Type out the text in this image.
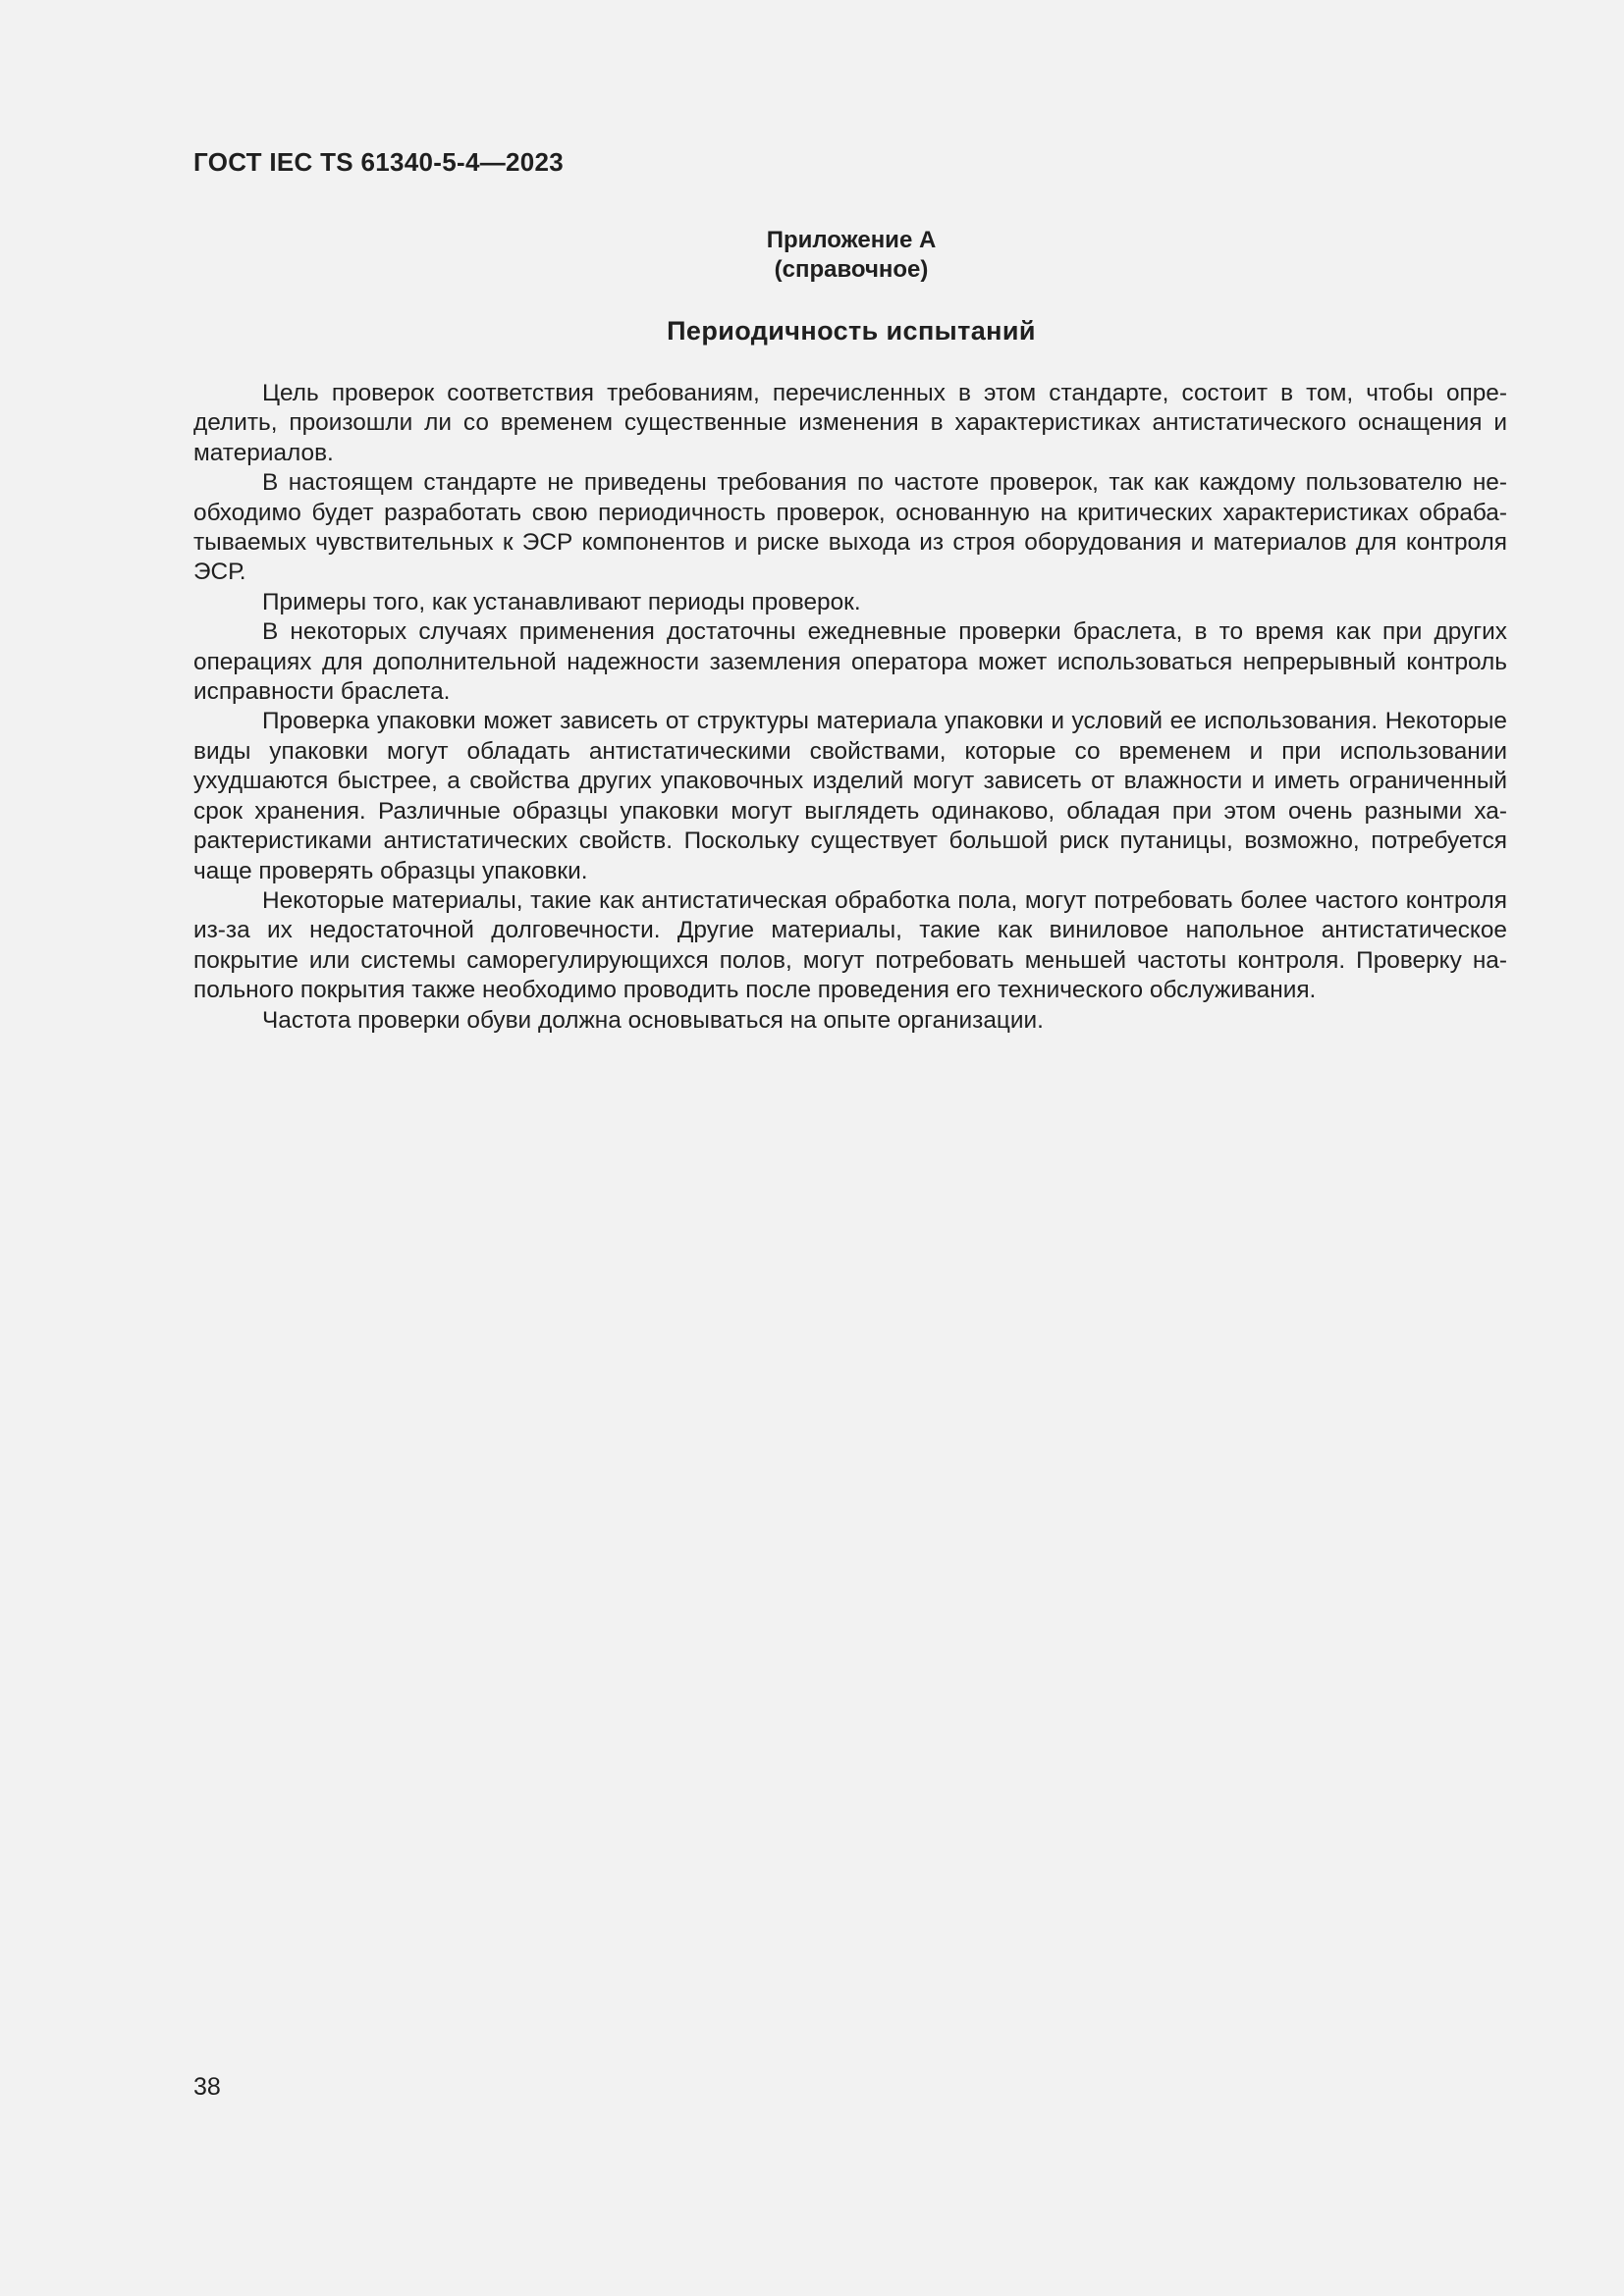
ГОСТ IEC TS 61340-5-4—2023

Приложение А
(справочное)

Периодичность испытаний

Цель проверок соответствия требованиям, перечисленных в этом стандарте, состоит в том, чтобы определить, произошли ли со временем существенные изменения в характеристиках антистатического оснащения и материалов.

В настоящем стандарте не приведены требования по частоте проверок, так как каждому пользователю необходимо будет разработать свою периодичность проверок, основанную на критических характеристиках обрабатываемых чувствительных к ЭСР компонентов и риске выхода из строя оборудования и материалов для контроля ЭСР.

Примеры того, как устанавливают периоды проверок.

В некоторых случаях применения достаточны ежедневные проверки браслета, в то время как при других операциях для дополнительной надежности заземления оператора может использоваться непрерывный контроль исправности браслета.

Проверка упаковки может зависеть от структуры материала упаковки и условий ее использования. Некоторые виды упаковки могут обладать антистатическими свойствами, которые со временем и при использовании ухудшаются быстрее, а свойства других упаковочных изделий могут зависеть от влажности и иметь ограниченный срок хранения. Различные образцы упаковки могут выглядеть одинаково, обладая при этом очень разными характеристиками антистатических свойств. Поскольку существует большой риск путаницы, возможно, потребуется чаще проверять образцы упаковки.

Некоторые материалы, такие как антистатическая обработка пола, могут потребовать более частого контроля из-за их недостаточной долговечности. Другие материалы, такие как виниловое напольное антистатическое покрытие или системы саморегулирующихся полов, могут потребовать меньшей частоты контроля. Проверку напольного покрытия также необходимо проводить после проведения его технического обслуживания.

Частота проверки обуви должна основываться на опыте организации.

38
